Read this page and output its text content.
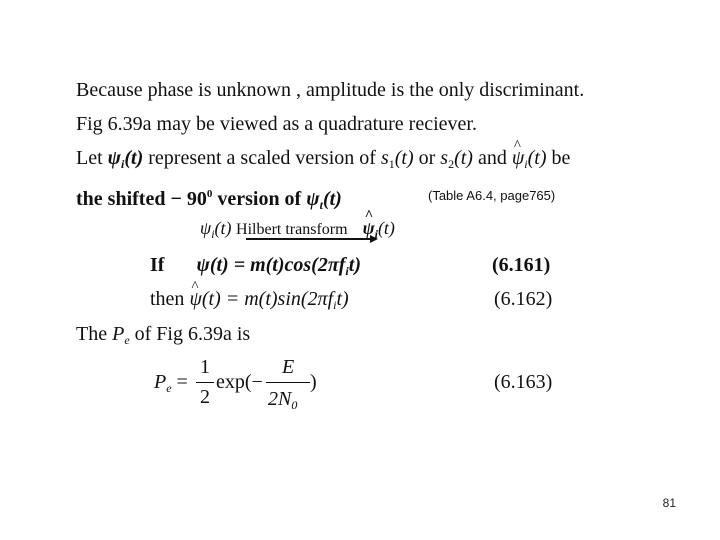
Because phase is unknown , amplitude is the only discriminant.
Fig 6.39a may be viewed as a quadrature reciever.
Let $\psi_i(t)$ represent a scaled version of $s_1(t)$ or $s_2(t)$ and ^ $\psi_i(t)$ be
the shifted − $90^0$ version of $\psi_t(t)$	(Table A6.4, page765)
$\psi_i(t)$ Hilbert transform ^ $\psi_i(t)$
If $\psi(t) = m(t)\cos(2\pi f_it)$	(6.161)
then ^ $\psi(t) = m(t)\sin(2\pi f_it)$	(6.162)
The $P_e$ of Fig 6.39a is
$P_e$ =
1
2
exp(−
E
$2N_0$
)	(6.163)
81
